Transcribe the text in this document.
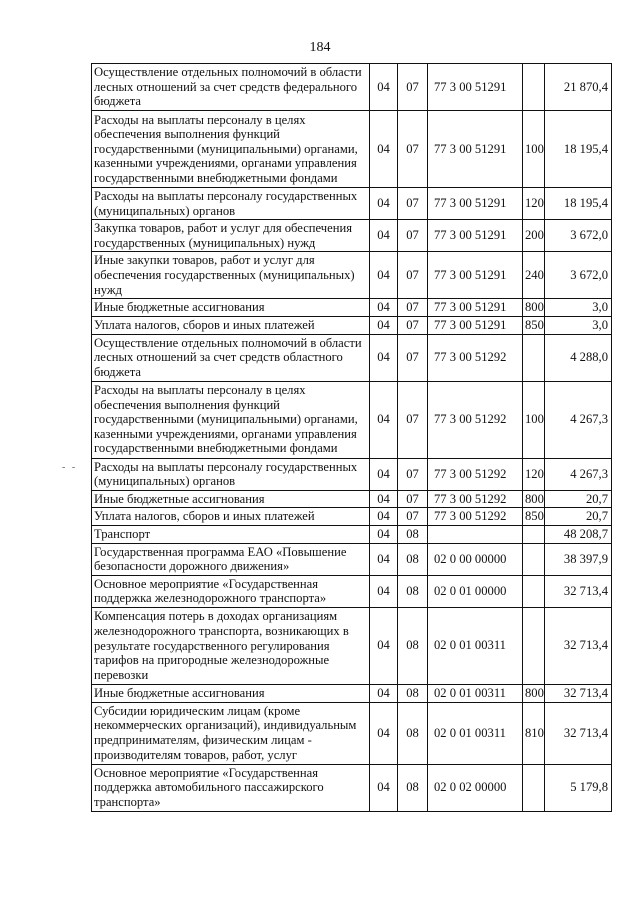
184
- -
Осуществление отдельных полномочий в области лесных отношений за счет средств федерального бюджета	04	07	77 3 00 51291		21 870,4
Расходы на выплаты персоналу в целях обеспечения выполнения функций государственными (муниципальными) органами, казенными учреждениями, органами управления государственными внебюджетными фондами	04	07	77 3 00 51291	100	18 195,4
Расходы на выплаты персоналу государственных (муниципальных) органов	04	07	77 3 00 51291	120	18 195,4
Закупка товаров, работ и услуг для обеспечения государственных (муниципальных) нужд	04	07	77 3 00 51291	200	3 672,0
Иные закупки товаров, работ и услуг для обеспечения государственных (муниципальных) нужд	04	07	77 3 00 51291	240	3 672,0
Иные бюджетные ассигнования	04	07	77 3 00 51291	800	3,0
Уплата налогов, сборов и иных платежей	04	07	77 3 00 51291	850	3,0
Осуществление отдельных полномочий в области лесных отношений за счет средств областного бюджета	04	07	77 3 00 51292		4 288,0
Расходы на выплаты персоналу в целях обеспечения выполнения функций государственными (муниципальными) органами, казенными учреждениями, органами управления государственными внебюджетными фондами	04	07	77 3 00 51292	100	4 267,3
Расходы на выплаты персоналу государственных (муниципальных) органов	04	07	77 3 00 51292	120	4 267,3
Иные бюджетные ассигнования	04	07	77 3 00 51292	800	20,7
Уплата налогов, сборов и иных платежей	04	07	77 3 00 51292	850	20,7
Транспорт	04	08			48 208,7
Государственная программа ЕАО «Повышение безопасности дорожного движения»	04	08	02 0 00 00000		38 397,9
Основное мероприятие «Государственная поддержка железнодорожного транспорта»	04	08	02 0 01 00000		32 713,4
Компенсация потерь в доходах организациям железнодорожного транспорта, возникающих в результате государственного регулирования тарифов на пригородные железнодорожные перевозки	04	08	02 0 01 00311		32 713,4
Иные бюджетные ассигнования	04	08	02 0 01 00311	800	32 713,4
Субсидии юридическим лицам (кроме некоммерческих организаций), индивидуальным предпринимателям, физическим лицам - производителям товаров, работ, услуг	04	08	02 0 01 00311	810	32 713,4
Основное мероприятие «Государственная поддержка автомобильного пассажирского транспорта»	04	08	02 0 02 00000		5 179,8
